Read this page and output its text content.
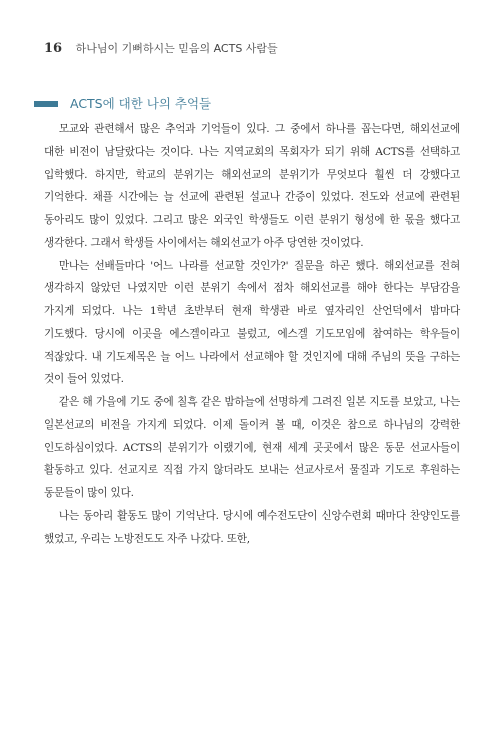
16 하나님이 기뻐하시는 믿음의 ACTS 사람들
ACTS에 대한 나의 추억들

모교와 관련해서 많은 추억과 기억들이 있다. 그 중에서 하나를 꼽는다면, 해외선교에 대한 비전이 남달랐다는 것이다. 나는 지역교회의 목회자가 되기 위해 ACTS를 선택하고 입학했다. 하지만, 학교의 분위기는 해외선교의 분위기가 무엇보다 훨씬 더 강했다고 기억한다. 채플 시간에는 늘 선교에 관련된 설교나 간증이 있었다. 전도와 선교에 관련된 동아리도 많이 있었다. 그리고 많은 외국인 학생들도 이런 분위기 형성에 한 몫을 했다고 생각한다. 그래서 학생들 사이에서는 해외선교가 아주 당연한 것이었다.

만나는 선배들마다 '어느 나라를 선교할 것인가?' 질문을 하곤 했다. 해외선교를 전혀 생각하지 않았던 나였지만 이런 분위기 속에서 점차 해외선교를 해야 한다는 부담감을 가지게 되었다. 나는 1학년 초반부터 현재 학생관 바로 옆자리인 산언덕에서 밤마다 기도했다. 당시에 이곳을 에스겔이라고 불렀고, 에스겔 기도모임에 참여하는 학우들이 적잖았다. 내 기도제목은 늘 어느 나라에서 선교해야 할 것인지에 대해 주님의 뜻을 구하는 것이 들어 있었다.

같은 해 가을에 기도 중에 칠흑 같은 밤하늘에 선명하게 그려진 일본 지도를 보았고, 나는 일본선교의 비전을 가지게 되었다. 이제 돌이켜 볼 때, 이것은 참으로 하나님의 강력한 인도하심이었다. ACTS의 분위기가 이랬기에, 현재 세계 곳곳에서 많은 동문 선교사들이 활동하고 있다. 선교지로 직접 가지 않더라도 보내는 선교사로서 물질과 기도로 후원하는 동문들이 많이 있다.

나는 동아리 활동도 많이 기억난다. 당시에 예수전도단이 신앙수련회 때마다 찬양인도를 했었고, 우리는 노방전도도 자주 나갔다. 또한,
